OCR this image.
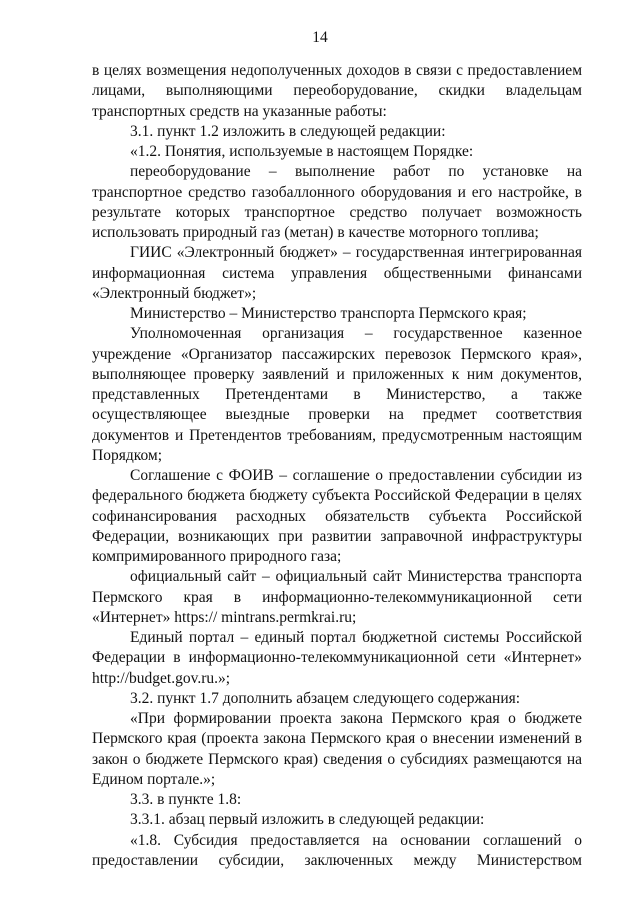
14

в целях возмещения недополученных доходов в связи с предоставлением лицами, выполняющими переоборудование, скидки владельцам транспортных средств на указанные работы:

3.1. пункт 1.2 изложить в следующей редакции:

«1.2. Понятия, используемые в настоящем Порядке:

переоборудование – выполнение работ по установке на транспортное средство газобаллонного оборудования и его настройке, в результате которых транспортное средство получает возможность использовать природный газ (метан) в качестве моторного топлива;

ГИИС «Электронный бюджет» – государственная интегрированная информационная система управления общественными финансами «Электронный бюджет»;

Министерство – Министерство транспорта Пермского края;

Уполномоченная организация – государственное казенное учреждение «Организатор пассажирских перевозок Пермского края», выполняющее проверку заявлений и приложенных к ним документов, представленных Претендентами в Министерство, а также осуществляющее выездные проверки на предмет соответствия документов и Претендентов требованиям, предусмотренным настоящим Порядком;

Соглашение с ФОИВ – соглашение о предоставлении субсидии из федерального бюджета бюджету субъекта Российской Федерации в целях софинансирования расходных обязательств субъекта Российской Федерации, возникающих при развитии заправочной инфраструктуры компримированного природного газа;

официальный сайт – официальный сайт Министерства транспорта Пермского края в информационно-телекоммуникационной сети «Интернет» https:// mintrans.permkrai.ru;

Единый портал – единый портал бюджетной системы Российской Федерации в информационно-телекоммуникационной сети «Интернет» http://budget.gov.ru.»;

3.2. пункт 1.7 дополнить абзацем следующего содержания:

«При формировании проекта закона Пермского края о бюджете Пермского края (проекта закона Пермского края о внесении изменений в закон о бюджете Пермского края) сведения о субсидиях размещаются на Едином портале.»;

3.3. в пункте 1.8:

3.3.1. абзац первый изложить в следующей редакции:

«1.8. Субсидия предоставляется на основании соглашений о предоставлении субсидии, заключенных между Министерством
